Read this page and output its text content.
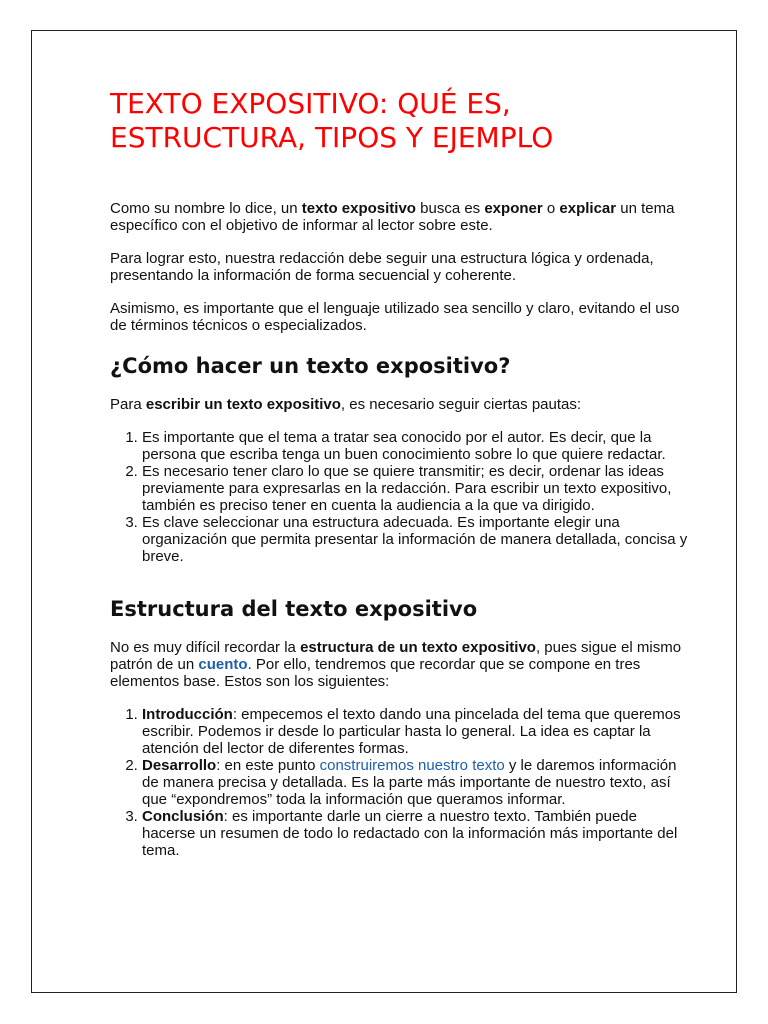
TEXTO EXPOSITIVO: QUÉ ES,
ESTRUCTURA, TIPOS Y EJEMPLO

Como su nombre lo dice, un texto expositivo busca es exponer o explicar un tema específico con el objetivo de informar al lector sobre este.

Para lograr esto, nuestra redacción debe seguir una estructura lógica y ordenada, presentando la información de forma secuencial y coherente.

Asimismo, es importante que el lenguaje utilizado sea sencillo y claro, evitando el uso de términos técnicos o especializados.

¿Cómo hacer un texto expositivo?

Para escribir un texto expositivo, es necesario seguir ciertas pautas:

1. Es importante que el tema a tratar sea conocido por el autor. Es decir, que la persona que escriba tenga un buen conocimiento sobre lo que quiere redactar.
2. Es necesario tener claro lo que se quiere transmitir; es decir, ordenar las ideas previamente para expresarlas en la redacción. Para escribir un texto expositivo, también es preciso tener en cuenta la audiencia a la que va dirigido.
3. Es clave seleccionar una estructura adecuada. Es importante elegir una organización que permita presentar la información de manera detallada, concisa y breve.
Estructura del texto expositivo

No es muy difícil recordar la estructura de un texto expositivo, pues sigue el mismo patrón de un cuento. Por ello, tendremos que recordar que se compone en tres elementos base. Estos son los siguientes:

1. Introducción: empecemos el texto dando una pincelada del tema que queremos escribir. Podemos ir desde lo particular hasta lo general. La idea es captar la atención del lector de diferentes formas.
2. Desarrollo: en este punto construiremos nuestro texto y le daremos información de manera precisa y detallada. Es la parte más importante de nuestro texto, así que “expondremos” toda la información que queramos informar.
3. Conclusión: es importante darle un cierre a nuestro texto. También puede hacerse un resumen de todo lo redactado con la información más importante del tema.
